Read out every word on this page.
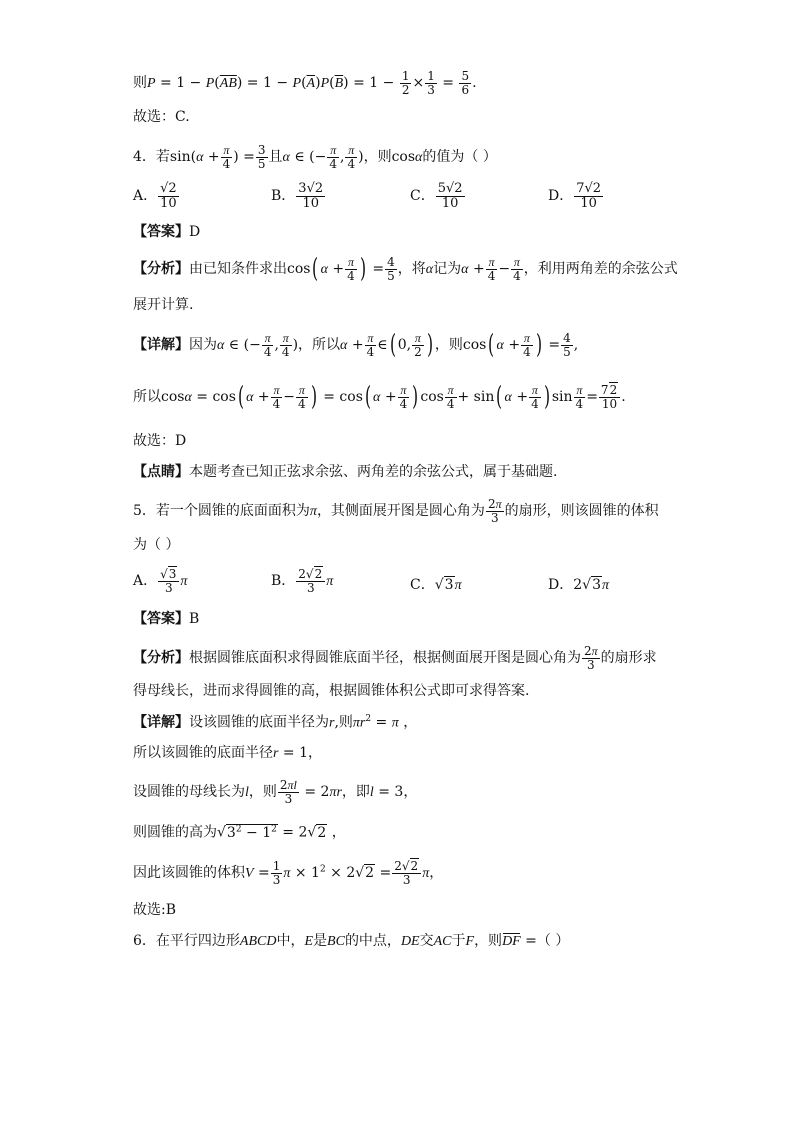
则$P = 1 - P(\overline{AB}) = 1 - P(\overline{A})P(\overline{B}) = 1 - \frac{1}{2} \times \frac{1}{3} = \frac{5}{6}$ .
故选：C.
4．若$\sin(\alpha + \frac{\pi}{4}$ ) = $\frac{3}{5}$ 且α ∈ (− $\frac{\pi}{4}$ , $\frac{\pi}{4}$ )，则cosα的值为（ ）
A． $\frac{√2}{10}$	B． $\frac{3√2}{10}$	C． $\frac{5√2}{10}$	D． $\frac{7√2}{10}$
【答案】D
【分析】由已知条件求出cos( $\alpha + \frac{\pi}{4}$ ) = $\frac{4}{5}$ ，将α记为$\alpha + \frac{\pi}{4} - \frac{\pi}{4}$ ，利用两角差的余弦公式
展开计算.
【详解】因为α ∈ (− $\frac{\pi}{4}$ , $\frac{\pi}{4}$ )，所以$\alpha + \frac{\pi}{4}$ ∈( 0, $\frac{\pi}{2}$ ) ，则cos( $\alpha + \frac{\pi}{4}$ ) = $\frac{4}{5}$ ,
所以cosα = cos( $\alpha + \frac{\pi}{4} - \frac{\pi}{4}$ ) = cos( $\alpha + \frac{\pi}{4}$ ) $\cos \frac{\pi}{4} + \sin$( $\alpha + \frac{\pi}{4}$ ) $\sin \frac{\pi}{4} = \frac{72}{10}$ .
故选：D
【点睛】本题考查已知正弦求余弦、两角差的余弦公式，属于基础题.
5．若一个圆锥的底面面积为π，其侧面展开图是圆心角为 $\frac{2\pi}{3}$ 的扇形，则该圆锥的体积
为（ ）
A． $\frac{√3}{3}$ π	B． $\frac{2√2}{3}$ π	C．√3π	D．2√3π
【答案】B
【分析】根据圆锥底面积求得圆锥底面半径，根据侧面展开图是圆心角为 $\frac{2\pi}{3}$ 的扇形求
得母线长，进而求得圆锥的高，根据圆锥体积公式即可求得答案.
【详解】设该圆锥的底面半径为r,则$\pi r^2 = \pi$ ，
所以该圆锥的底面半径r = 1，
设圆锥的母线长为l，则 $\frac{2\pi l}{3} = 2\pi r$，即l = 3，
则圆锥的高为$√3^2 - 1^2 = 2√2$ ，
因此该圆锥的体积$V = \frac{1}{3}$ $\pi \times 1^2 \times 2√2 = \frac{2√2}{3}$ π，
故选:B
6．在平行四边形ABCD中，E是BC的中点，DE交AC于F，则DF =（ ）
